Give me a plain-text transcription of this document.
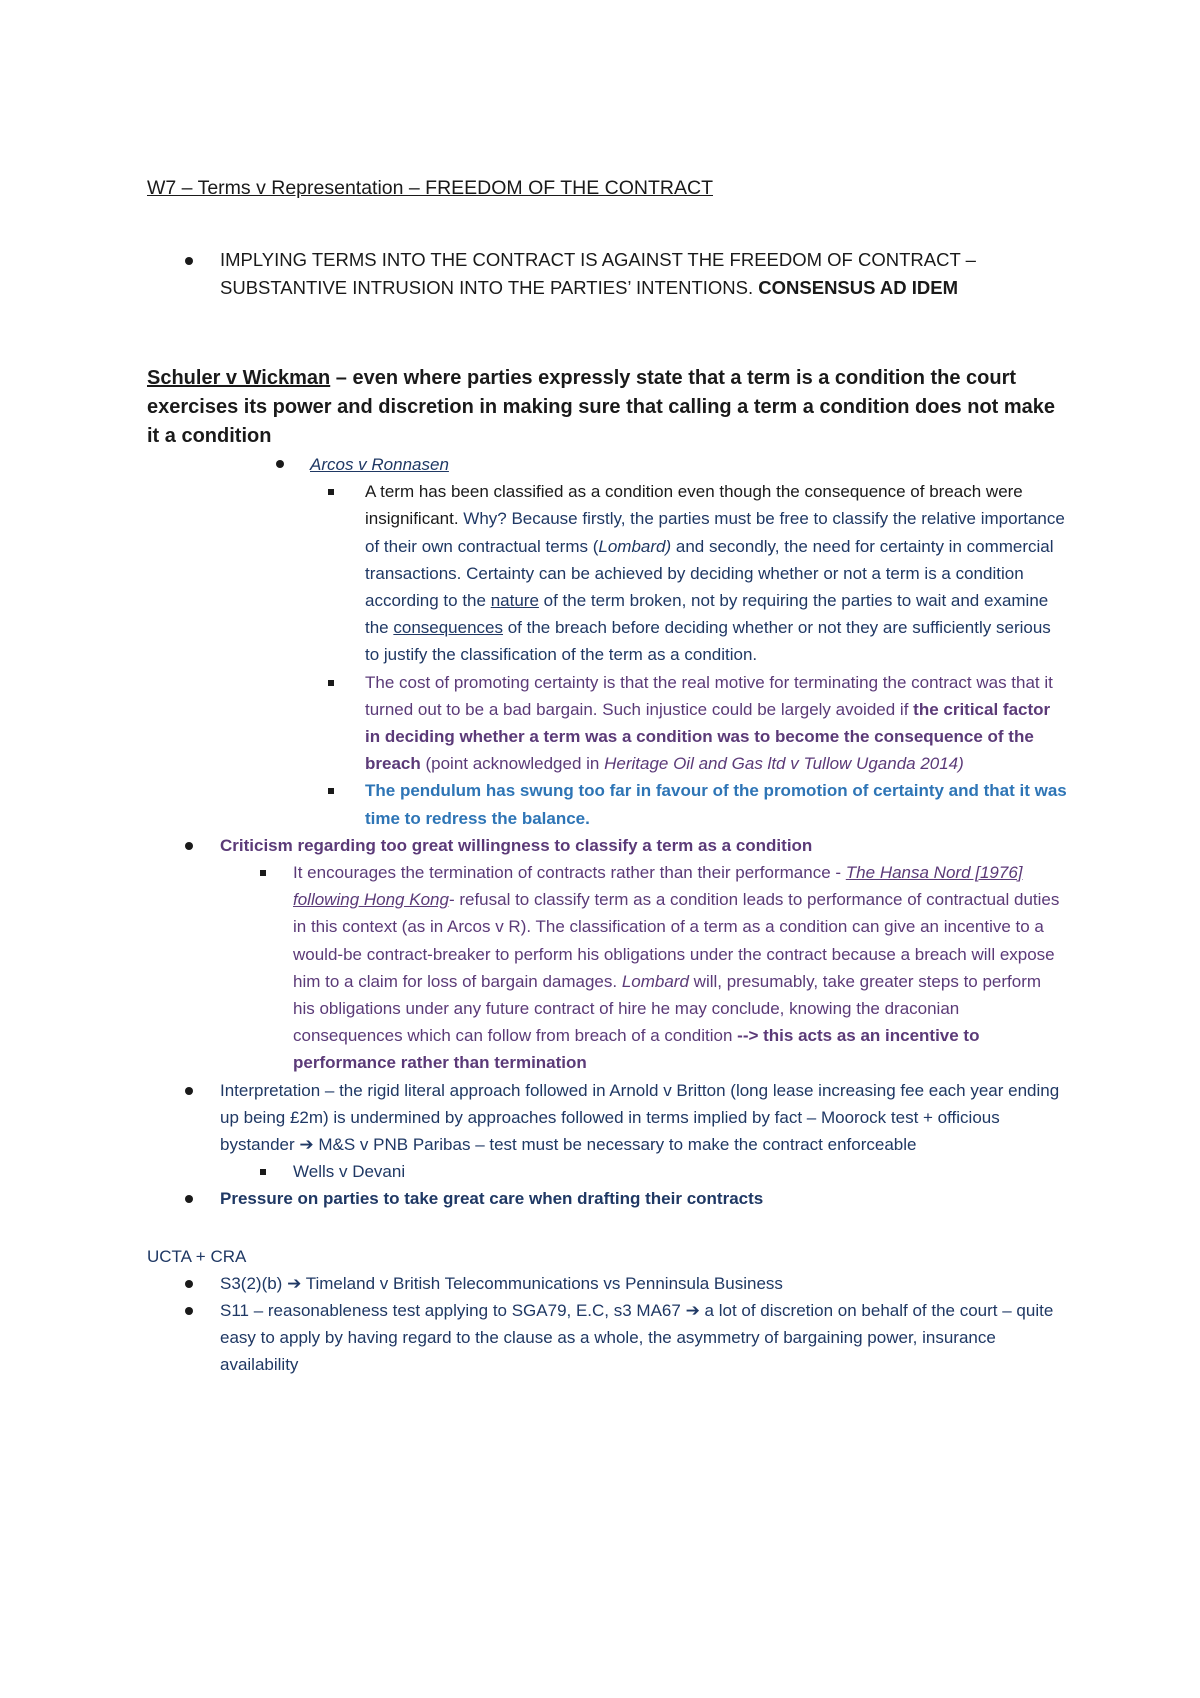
W7 – Terms v Representation – FREEDOM OF THE CONTRACT
IMPLYING TERMS INTO THE CONTRACT IS AGAINST THE FREEDOM OF CONTRACT – SUBSTANTIVE INTRUSION INTO THE PARTIES’ INTENTIONS. CONSENSUS AD IDEM

Schuler v Wickman – even where parties expressly state that a term is a condition the court exercises its power and discretion in making sure that calling a term a condition does not make it a condition

Arcos v Ronnasen
A term has been classified as a condition even though the consequence of breach were insignificant. Why? Because firstly, the parties must be free to classify the relative importance of their own contractual terms (Lombard) and secondly, the need for certainty in commercial transactions. Certainty can be achieved by deciding whether or not a term is a condition according to the nature of the term broken, not by requiring the parties to wait and examine the consequences of the breach before deciding whether or not they are sufficiently serious to justify the classification of the term as a condition.
The cost of promoting certainty is that the real motive for terminating the contract was that it turned out to be a bad bargain. Such injustice could be largely avoided if the critical factor in deciding whether a term was a condition was to become the consequence of the breach (point acknowledged in Heritage Oil and Gas ltd v Tullow Uganda 2014)
The pendulum has swung too far in favour of the promotion of certainty and that it was time to redress the balance.
Criticism regarding too great willingness to classify a term as a condition
It encourages the termination of contracts rather than their performance - The Hansa Nord [1976] following Hong Kong- refusal to classify term as a condition leads to performance of contractual duties in this context (as in Arcos v R). The classification of a term as a condition can give an incentive to a would-be contract-breaker to perform his obligations under the contract because a breach will expose him to a claim for loss of bargain damages. Lombard will, presumably, take greater steps to perform his obligations under any future contract of hire he may conclude, knowing the draconian consequences which can follow from breach of a condition --> this acts as an incentive to performance rather than termination
Interpretation – the rigid literal approach followed in Arnold v Britton (long lease increasing fee each year ending up being £2m) is undermined by approaches followed in terms implied by fact – Moorock test + officious bystander ➔ M&S v PNB Paribas – test must be necessary to make the contract enforceable
Wells v Devani
Pressure on parties to take great care when drafting their contracts

UCTA + CRA

S3(2)(b) ➔ Timeland v British Telecommunications vs Penninsula Business
S11 – reasonableness test applying to SGA79, E.C, s3 MA67 ➔ a lot of discretion on behalf of the court – quite easy to apply by having regard to the clause as a whole, the asymmetry of bargaining power, insurance availability
